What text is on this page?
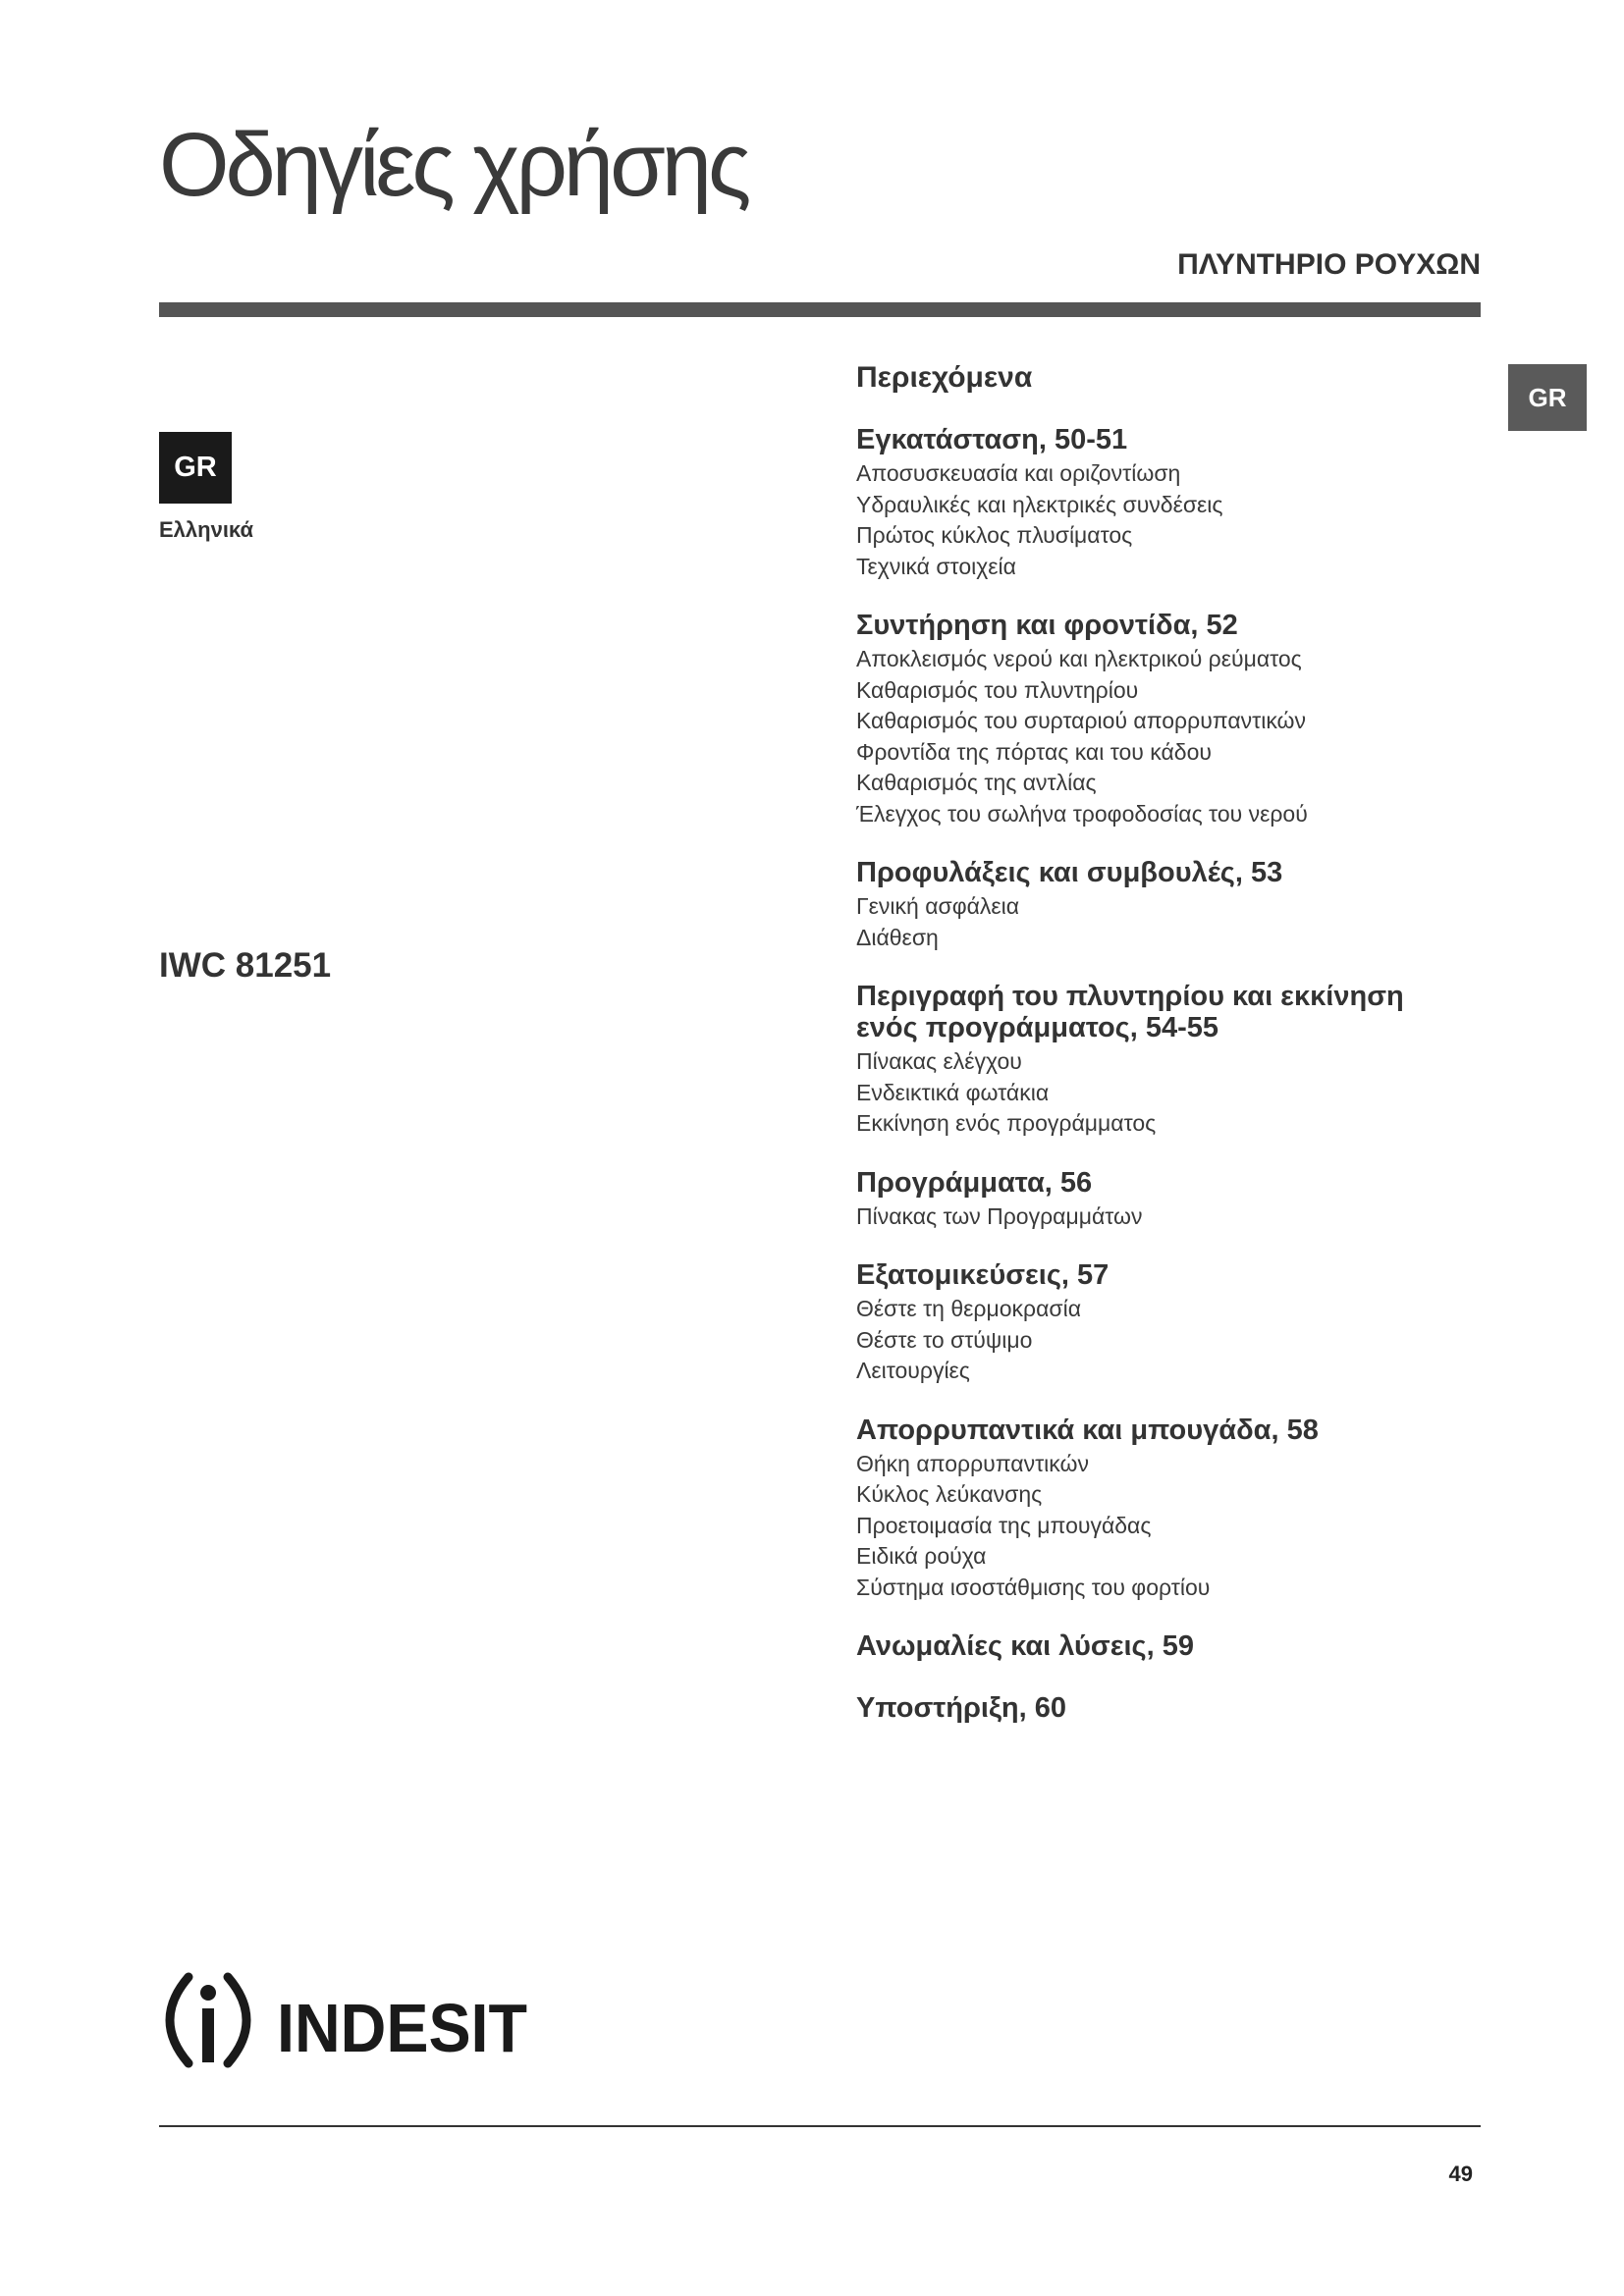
Οδηγίες χρήσης
ΠΛΥΝΤΗΡΙΟ ΡΟΥΧΩΝ
GR
GR
Ελληνικά
IWC 81251
Περιεχόμενα
Εγκατάσταση, 50-51
Αποσυσκευασία και οριζοντίωση
Υδραυλικές και ηλεκτρικές συνδέσεις
Πρώτος κύκλος πλυσίματος
Τεχνικά στοιχεία
Συντήρηση και φροντίδα, 52
Αποκλεισμός νερού και ηλεκτρικού ρεύματος
Καθαρισμός του πλυντηρίου
Καθαρισμός του συρταριού απορρυπαντικών
Φροντίδα της πόρτας και του κάδου
Καθαρισμός της αντλίας
Έλεγχος του σωλήνα τροφοδοσίας του νερού
Προφυλάξεις και συμβουλές, 53
Γενική ασφάλεια
Διάθεση
Περιγραφή του πλυντηρίου και εκκίνηση
ενός προγράμματος, 54-55
Πίνακας ελέγχου
Ενδεικτικά φωτάκια
Εκκίνηση ενός προγράμματος
Προγράμματα, 56
Πίνακας των Προγραμμάτων
Εξατομικεύσεις, 57
Θέστε τη θερμοκρασία
Θέστε το στύψιμο
Λειτουργίες
Απορρυπαντικά και μπουγάδα, 58
Θήκη απορρυπαντικών
Κύκλος λεύκανσης
Προετοιμασία της μπουγάδας
Ειδικά ρούχα
Σύστημα ισοστάθμισης του φορτίου
Ανωμαλίες και λύσεις, 59
Υποστήριξη, 60
INDESIT
49
